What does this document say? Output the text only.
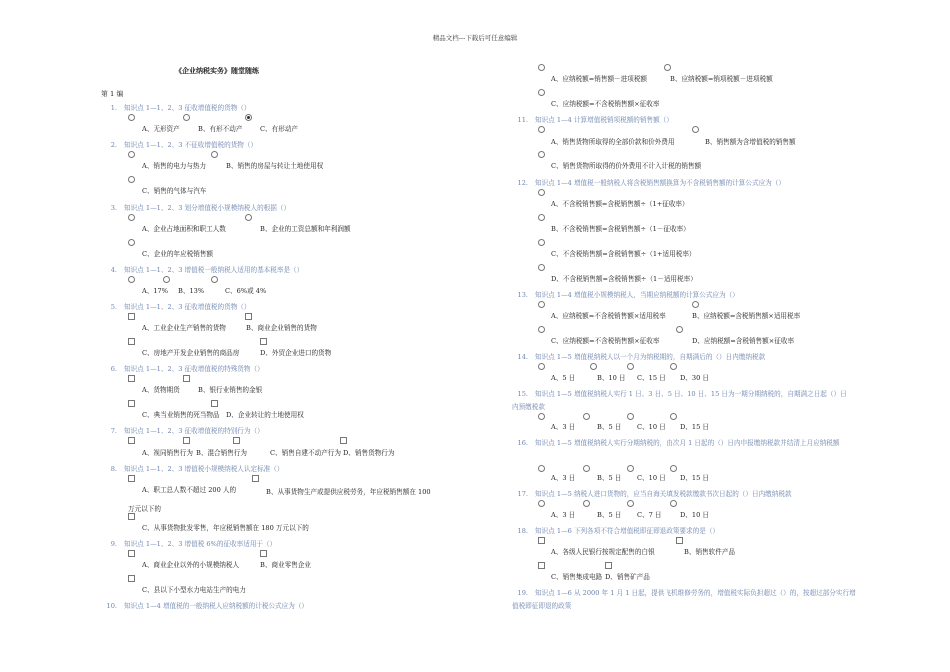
精品文档---下载后可任意编辑
《企业纳税实务》随堂随练
第 1 编
1. 知识点 1—1、2、3 征收增值税的货物（）
A、无形资产	B、有形不动产	C、有形动产
2. 知识点 1—1、2、3 不征收增值税的货物（）
A、销售的电力与热力	B、销售的房屋与转让土地使用权
C、销售的气体与汽车
3. 知识点 1—1、2、3 划分增值税小规模纳税人的根据（）
A、企业占地面积和职工人数	B、企业的工资总额和年利润额
C、企业的年应税销售额
4. 知识点 1—1、2、3 增值税一般纳税人适用的基本税率是（）
A、17% B、13%	C、6%或 4%
5. 知识点 1—1、2、3 征收增值税的货物（）
A、工业企业生产销售的货物	B、商业企业销售的货物
C、房地产开发企业销售的商品房	D、外贸企业进口的货物
6. 知识点 1—1、2、3 征收增值税的特殊货物（）
A、货物期货	B、银行业销售的金银
C、典当业销售的死当物品 D、企业转让的土地使用权
7. 知识点 1—1、2、3 征收增值税的特别行为（）
A、视同销售行为 B、混合销售行为	C、销售自建不动产行为 D、销售货物行为
8. 知识点 1—1、2、3 增值税小规模纳税人认定标准（）
A、职工总人数不超过 200 人的	B、从事货物生产或提供应税劳务，年应税销售额在 100 万元以下的
C、从事货物批发零售，年应税销售额在 180 万元以下的
9. 知识点 1—1、2、3 增值税 6%的征收率适用于（）
A、商业企业以外的小规模纳税人	B、商业零售企业
C、县以下小型水力电站生产的电力
10. 知识点 1—4 增值税的一般纳税人应纳税额的计税公式应为（）
A、应纳税额=销售额－进项税额	B、应纳税额=销项税额－进项税额
C、应纳税额=不含税销售额×征收率
11. 知识点 1—4 计算增值税销项税额的销售额（）
A、销售货物所取得的全部价款和价外费用	B、销售额为含增值税的销售额
C、销售货物所取得的价外费用不计入计税的销售额
12. 知识点 1—4 增值税一般纳税人将含税销售额换算为不含税销售额的计算公式应为（）
A、不含税销售额=含税销售额÷（1+征收率）
B、不含税销售额=含税销售额÷（1－征收率）
C、不含税销售额=含税销售额÷（1+适用税率）
D、不含税销售额=含税销售额÷（1－适用税率）
13. 知识点 1—4 增值税小规模纳税人，当期应纳税额的计算公式应为（）
A、应纳税额=不含税销售额×适用税率	B、应纳税额=含税销售额×适用税率
C、应纳税额=不含税销售额×征收率	D、应纳税额=含税销售额×征收率
14. 知识点 1—5 增值税纳税人以一个月为纳税期的，自期满后的（）日内缴纳税款
A、5 日	B、10 日 C、15 日 D、30 日
15. 知识点 1—5 增值税纳税人实行 1 日、3 日、5 日、10 日、15 日为一期分期纳税的，自期满之日起（）日内预缴税款
A、3 日	B、5 日 C、10 日 D、15 日
16. 知识点 1—5 增值税纳税人实行分期纳税的，由次月 1 日起的（）日内申报缴纳税款并结清上月应纳税额
A、3 日	B、5 日 C、10 日 D、15 日
17. 知识点 1—5 纳税人进口货物的，应当自海关填发税款缴款书次日起的（）日内缴纳税款
A、3 日	B、5 日 C、7 日	D、10 日
18. 知识点 1—6 下列各项不符合增值税即征即退政策要求的是（）
A、各级人民银行按规定配售的白银	B、销售软件产品
C、销售集成电路 D、销售矿产品
19. 知识点 1—6 从 2000 年 1 月 1 日起，提供飞机维修劳务的，增值税实际负担超过（）的，按超过部分实行增值税即征即退的政策
